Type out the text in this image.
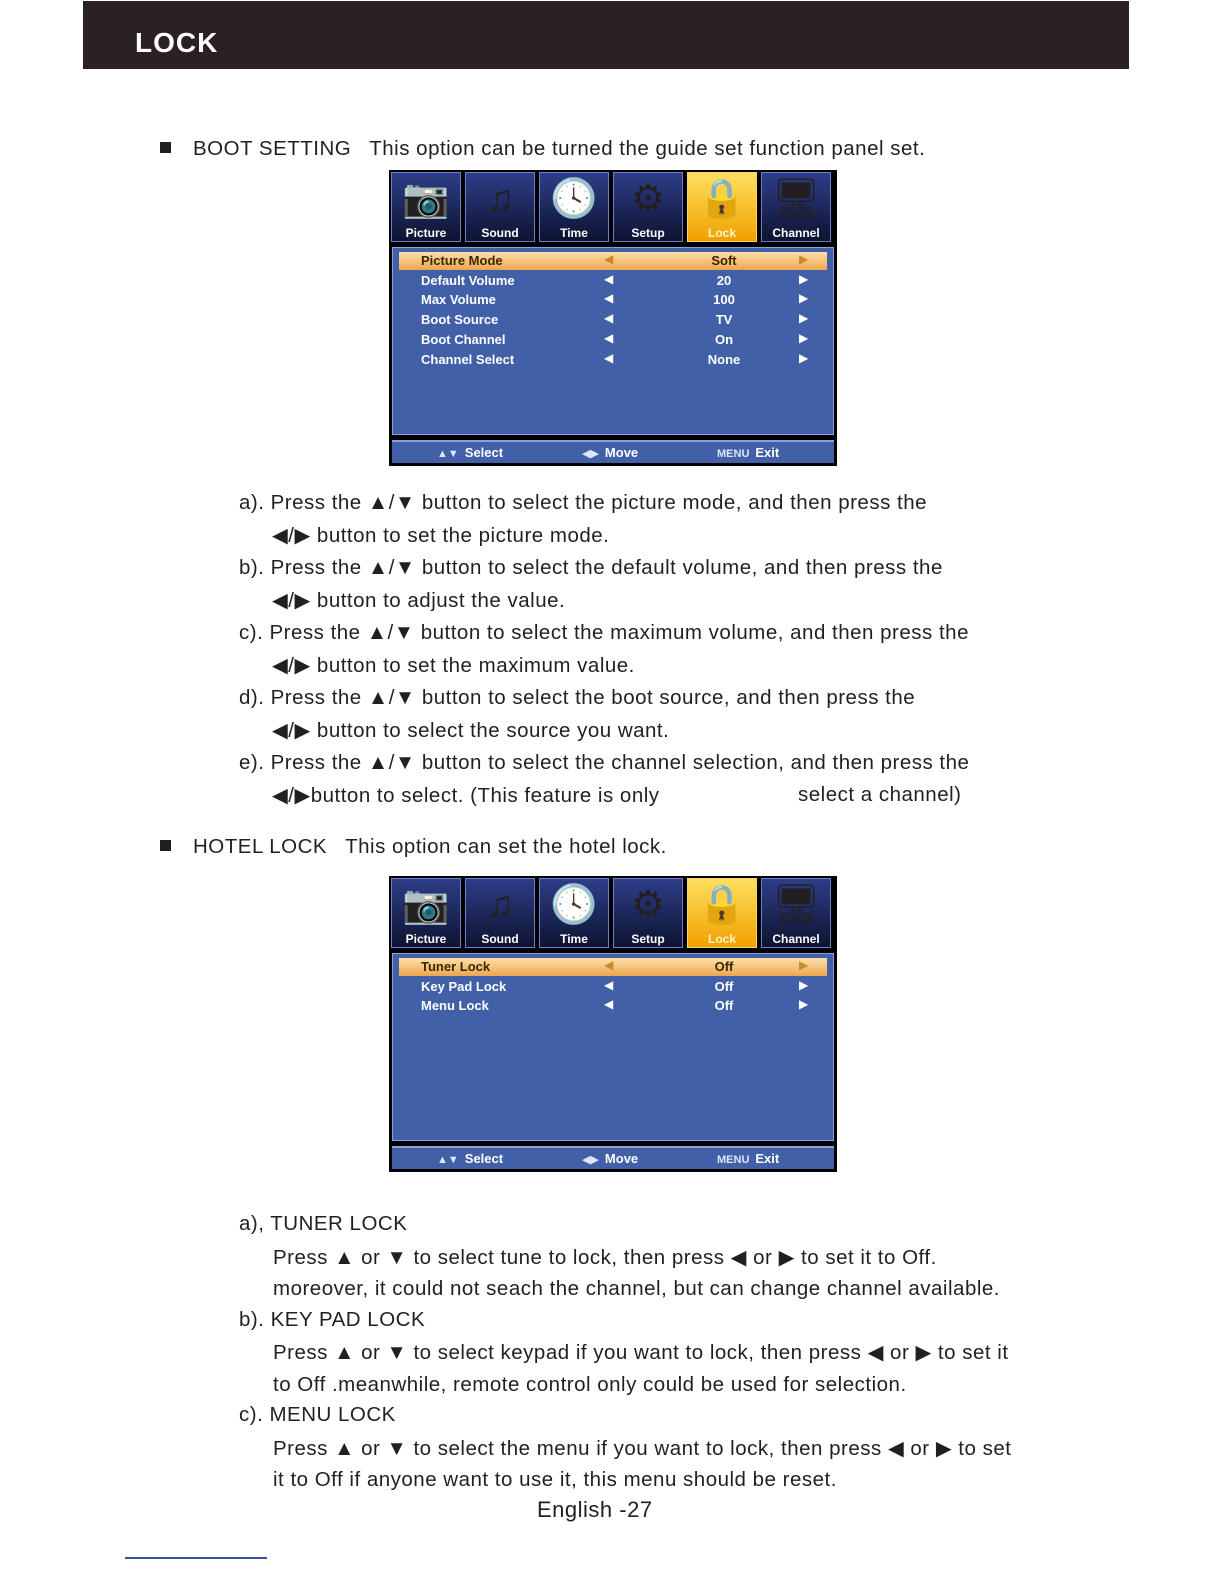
LOCK
BOOT SETTING This option can be turned the guide set function panel set.
📷
Picture
♫
Sound
🕓
Time
⚙
Setup
🔒
Lock
🖥
Channel
Picture Mode	◀	Soft	▶
Default Volume	◀	20	▶
Max Volume	◀	100	▶
Boot Source	◀	TV	▶
Boot Channel	◀	On	▶
Channel Select	◀	None	▶
▲▼ Select	◀▶ Move	MENU Exit
a). Press the ▲/▼ button to select the picture mode, and then press the
◀/▶ button to set the picture mode.
b). Press the ▲/▼ button to select the default volume, and then press the
◀/▶ button to adjust the value.
c). Press the ▲/▼ button to select the maximum volume, and then press the
◀/▶ button to set the maximum value.
d). Press the ▲/▼ button to select the boot source, and then press the
◀/▶ button to select the source you want.
e). Press the ▲/▼ button to select the channel selection, and then press the
◀/▶button to select. (This feature is only	select a channel)
HOTEL LOCK This option can set the hotel lock.
📷
Picture
♫
Sound
🕓
Time
⚙
Setup
🔒
Lock
🖥
Channel
Tuner Lock	◀	Off	▶
Key Pad Lock	◀	Off	▶
Menu Lock	◀	Off	▶
▲▼ Select	◀▶ Move	MENU Exit
a), TUNER LOCK
Press ▲ or ▼ to select tune to lock, then press ◀ or ▶ to set it to Off.
moreover, it could not seach the channel, but can change channel available.
b). KEY PAD LOCK
Press ▲ or ▼ to select keypad if you want to lock, then press ◀ or ▶ to set it
to Off .meanwhile, remote control only could be used for selection.
c). MENU LOCK
Press ▲ or ▼ to select the menu if you want to lock, then press ◀ or ▶ to set
it to Off if anyone want to use it, this menu should be reset.
English -27
